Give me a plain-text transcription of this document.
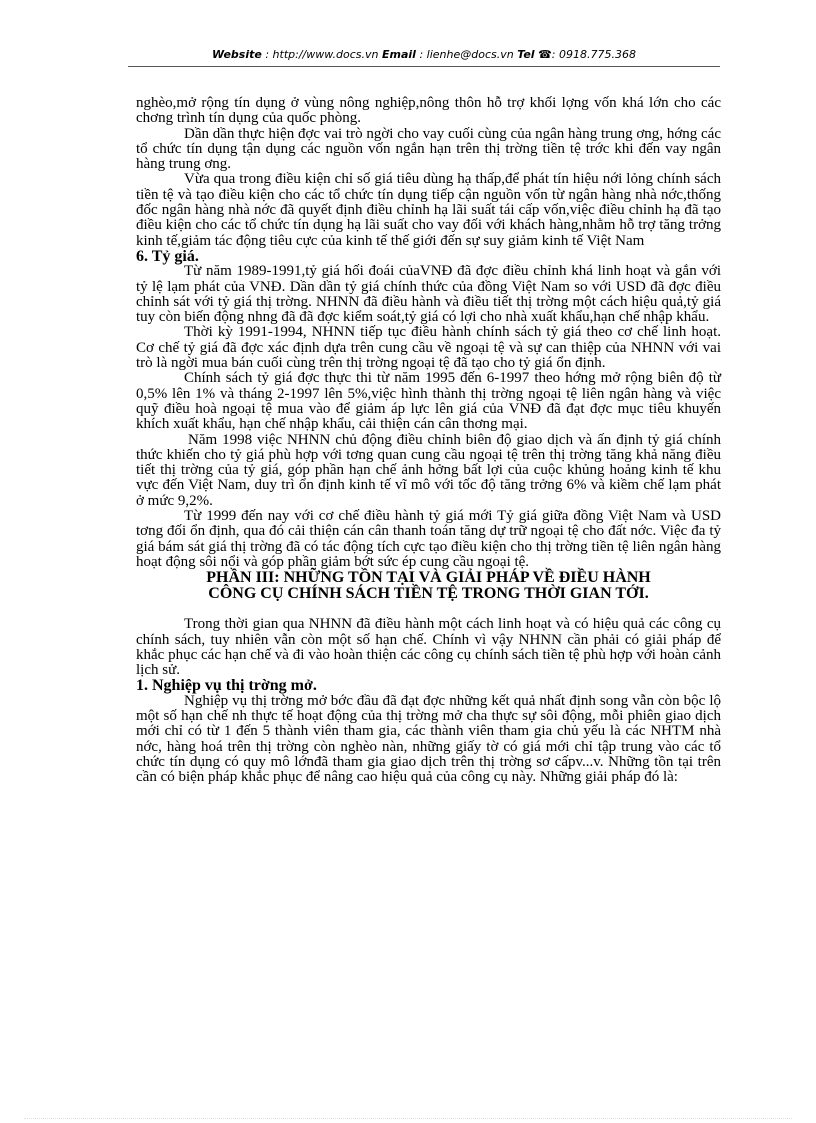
Website : http://www.docs.vn Email : lienhe@docs.vn Tel ☎: 0918.775.368

nghèo,mở rộng tín dụng ở vùng nông nghiệp,nông thôn hỗ trợ khối lợng vốn khá lớn cho các chơng trình tín dụng của quốc phòng.

Dần dần thực hiện đợc vai trò ngời cho vay cuối cùng của ngân hàng trung ơng, hớng các tổ chức tín dụng tận dụng các nguồn vốn ngắn hạn trên thị trờng tiền tệ trớc khi đến vay ngân hàng trung ơng.

Vừa qua trong điều kiện chỉ số giá tiêu dùng hạ thấp,để phát tín hiệu nới lỏng chính sách tiền tệ và tạo điều kiện cho các tổ chức tín dụng tiếp cận nguồn vốn từ ngân hàng nhà nớc,thống đốc ngân hàng nhà nớc đã quyết định điều chỉnh hạ lãi suất tái cấp vốn,việc điều chỉnh hạ đã tạo điều kiện cho các tổ chức tín dụng hạ lãi suất cho vay đối với khách hàng,nhằm hỗ trợ tăng trởng kinh tế,giảm tác động tiêu cực của kinh tế thế giới đến sự suy giảm kinh tế Việt Nam

6. Tỷ giá.

Từ năm 1989-1991,tỷ giá hối đoái củaVNĐ đã đợc điều chỉnh khá linh hoạt và gắn với tỷ lệ lạm phát của VNĐ. Dần dần tỷ giá chính thức của đồng Việt Nam so với USD đã đợc điều chỉnh sát với tỷ giá thị trờng. NHNN đã điều hành và điều tiết thị trờng một cách hiệu quả,tỷ giá tuy còn biến động nhng đã đã đợc kiểm soát,tỷ giá có lợi cho nhà xuất khẩu,hạn chế nhập khẩu.

Thời kỳ 1991-1994, NHNN tiếp tục điều hành chính sách tỷ giá theo cơ chế linh hoạt. Cơ chế tỷ giá đã đợc xác định dựa trên cung cầu về ngoại tệ và sự can thiệp của NHNN với vai trò là ngời mua bán cuối cùng trên thị trờng ngoại tệ đã tạo cho tỷ giá ổn định.

Chính sách tỷ giá đợc thực thi từ năm 1995 đến 6-1997 theo hớng mở rộng biên độ từ 0,5% lên 1% và tháng 2-1997 lên 5%,việc hình thành thị trờng ngoại tệ liên ngân hàng và việc quỹ điều hoà ngoại tệ mua vào để giảm áp lực lên giá của VNĐ đã đạt đợc mục tiêu khuyến khích xuất khẩu, hạn chế nhập khẩu, cải thiện cán cân thơng mại.

Năm 1998 việc NHNN chủ động điều chỉnh biên độ giao dịch và ấn định tỷ giá chính thức khiến cho tỷ giá phù hợp với tơng quan cung cầu ngoại tệ trên thị trờng tăng khả năng điều tiết thị trờng của tỷ giá, góp phần hạn chế ảnh hởng bất lợi của cuộc khủng hoảng kinh tế khu vực đến Việt Nam, duy trì ổn định kinh tế vĩ mô với tốc độ tăng trởng 6% và kiềm chế lạm phát ở mức 9,2%.

Từ 1999 đến nay với cơ chế điều hành tỷ giá mới Tỷ giá giữa đồng Việt Nam và USD tơng đối ổn định, qua đó cải thiện cán cân thanh toán tăng dự trữ ngoại tệ cho đất nớc. Việc đa tỷ giá bám sát giá thị trờng đã có tác động tích cực tạo điều kiện cho thị trờng tiền tệ liên ngân hàng hoạt động sôi nổi và góp phần giảm bớt sức ép cung cầu ngoại tệ.

PHẦN III: NHỮNG TỒN TẠI VÀ GIẢI PHÁP VỀ ĐIỀU HÀNH
CÔNG CỤ CHÍNH SÁCH TIỀN TỆ TRONG THỜI GIAN TỚI.

Trong thời gian qua NHNN đã điều hành một cách linh hoạt và có hiệu quả các công cụ chính sách, tuy nhiên vẫn còn một số hạn chế. Chính vì vậy NHNN cần phải có giải pháp để khắc phục các hạn chế và đi vào hoàn thiện các công cụ chính sách tiền tệ phù hợp với hoàn cảnh lịch sử.

1. Nghiệp vụ thị trờng mở.

Nghiệp vụ thị trờng mở bớc đầu đã đạt đợc những kết quả nhất định song vẫn còn bộc lộ một số hạn chế nh thực tế hoạt động của thị trờng mở cha thực sự sôi động, mỗi phiên giao dịch mới chỉ có từ 1 đến 5 thành viên tham gia, các thành viên tham gia chủ yếu là các NHTM nhà nớc, hàng hoá trên thị trờng còn nghèo nàn, những giấy tờ có giá mới chỉ tập trung vào các tổ chức tín dụng có quy mô lớnđã tham gia giao dịch trên thị trờng sơ cấpv...v. Những tồn tại trên cần có biện pháp khắc phục để nâng cao hiệu quả của công cụ này. Những giải pháp đó là:
